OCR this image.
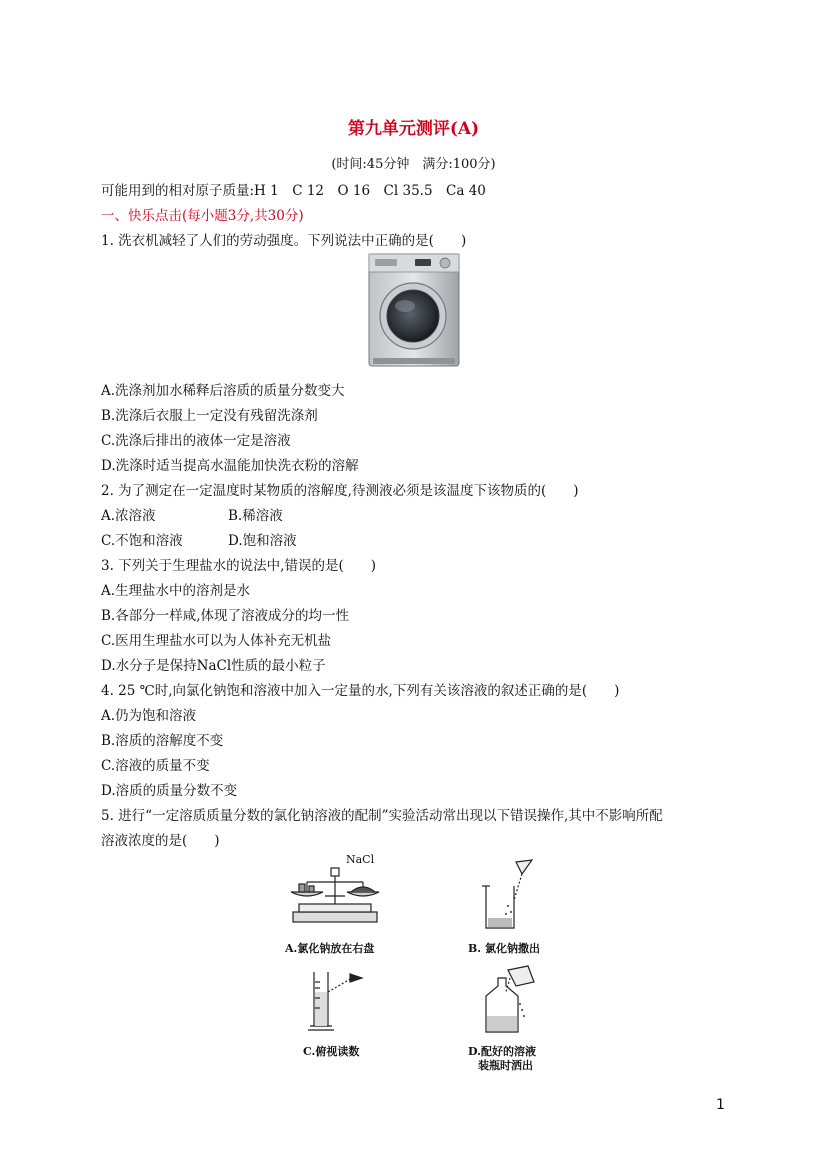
第九单元测评(A)
(时间:45分钟　满分:100分)
可能用到的相对原子质量:H 1　C 12　O 16　Cl 35.5　Ca 40
一、快乐点击(每小题3分,共30分)
1. 洗衣机减轻了人们的劳动强度。下列说法中正确的是(　　)
A.洗涤剂加水稀释后溶质的质量分数变大
B.洗涤后衣服上一定没有残留洗涤剂
C.洗涤后排出的液体一定是溶液
D.洗涤时适当提高水温能加快洗衣粉的溶解
2. 为了测定在一定温度时某物质的溶解度,待测液必须是该温度下该物质的(　　)
A.浓溶液	B.稀溶液
C.不饱和溶液	D.饱和溶液
3. 下列关于生理盐水的说法中,错误的是(　　)
A.生理盐水中的溶剂是水
B.各部分一样咸,体现了溶液成分的均一性
C.医用生理盐水可以为人体补充无机盐
D.水分子是保持NaCl性质的最小粒子
4. 25 ℃时,向氯化钠饱和溶液中加入一定量的水,下列有关该溶液的叙述正确的是(　　)
A.仍为饱和溶液
B.溶质的溶解度不变
C.溶液的质量不变
D.溶质的质量分数不变
5. 进行“一定溶质质量分数的氯化钠溶液的配制”实验活动常出现以下错误操作,其中不影响所配
溶液浓度的是(　　)
NaCl
A.氯化钠放在右盘	B. 氯化钠撒出
C.俯视读数	D.配好的溶液
装瓶时洒出
1
